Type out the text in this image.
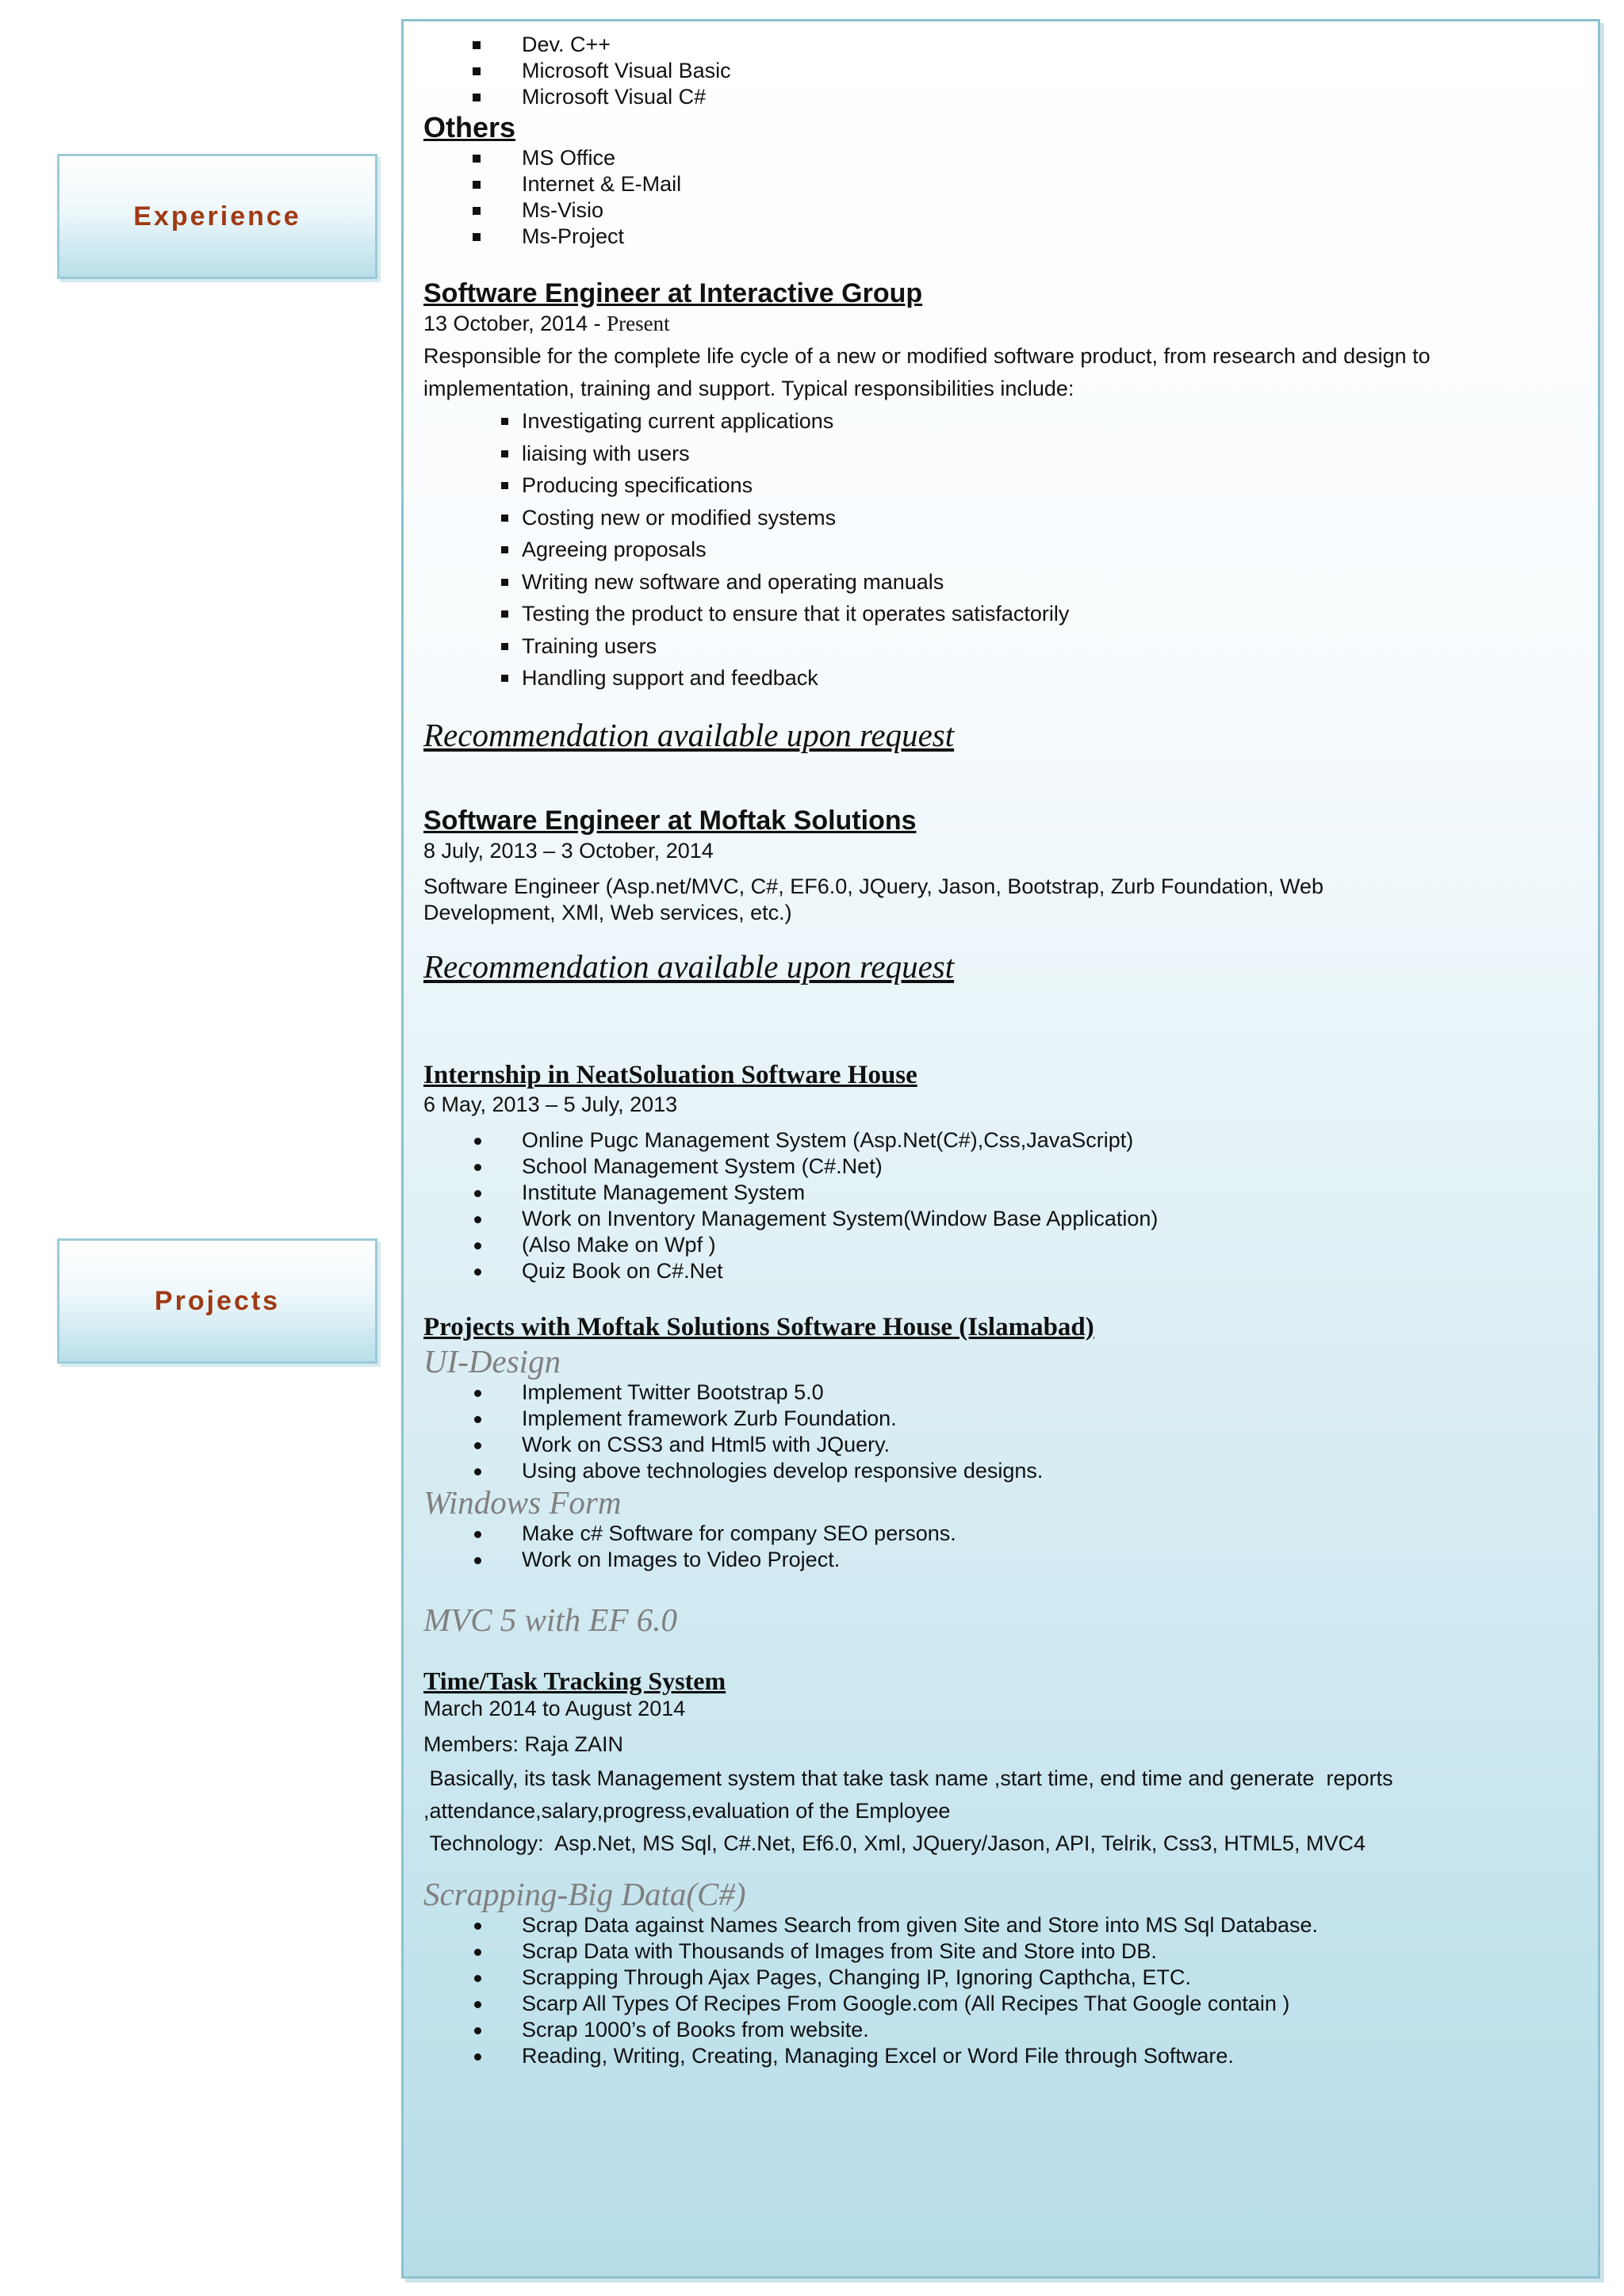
Experience
Projects
Dev. C++
Microsoft Visual Basic
Microsoft Visual C#
Others
MS Office
Internet & E-Mail
Ms-Visio
Ms-Project
Software Engineer at Interactive Group
13 October, 2014 - Present
Responsible for the complete life cycle of a new or modified software product, from research and design to implementation, training and support. Typical responsibilities include:
Investigating current applications
liaising with users
Producing specifications
Costing new or modified systems
Agreeing proposals
Writing new software and operating manuals
Testing the product to ensure that it operates satisfactorily
Training users
Handling support and feedback
Recommendation available upon request
Software Engineer at Moftak Solutions
8 July, 2013 – 3 October, 2014
Software Engineer (Asp.net/MVC, C#, EF6.0, JQuery, Jason, Bootstrap, Zurb Foundation, Web
Development, XMl, Web services, etc.)
Recommendation available upon request
Internship in NeatSoluation Software House
6 May, 2013 – 5 July, 2013
Online Pugc Management System (Asp.Net(C#),Css,JavaScript)
School Management System (C#.Net)
Institute Management System
Work on Inventory Management System(Window Base Application)
(Also Make on Wpf )
Quiz Book on C#.Net
Projects with Moftak Solutions Software House (Islamabad)
UI-Design
Implement Twitter Bootstrap 5.0
Implement framework Zurb Foundation.
Work on CSS3 and Html5 with JQuery.
Using above technologies develop responsive designs.
Windows Form
Make c# Software for company SEO persons.
Work on Images to Video Project.
MVC 5 with EF 6.0
Time/Task Tracking System
March 2014 to August 2014
Members: Raja ZAIN
Basically, its task Management system that take task name ,start time, end time and generate  reports ,attendance,salary,progress,evaluation of the Employee
Technology:  Asp.Net, MS Sql, C#.Net, Ef6.0, Xml, JQuery/Jason, API, Telrik, Css3, HTML5, MVC4
Scrapping-Big Data(C#)
Scrap Data against Names Search from given Site and Store into MS Sql Database.
Scrap Data with Thousands of Images from Site and Store into DB.
Scrapping Through Ajax Pages, Changing IP, Ignoring Capthcha, ETC.
Scarp All Types Of Recipes From Google.com (All Recipes That Google contain )
Scrap 1000’s of Books from website.
Reading, Writing, Creating, Managing Excel or Word File through Software.
